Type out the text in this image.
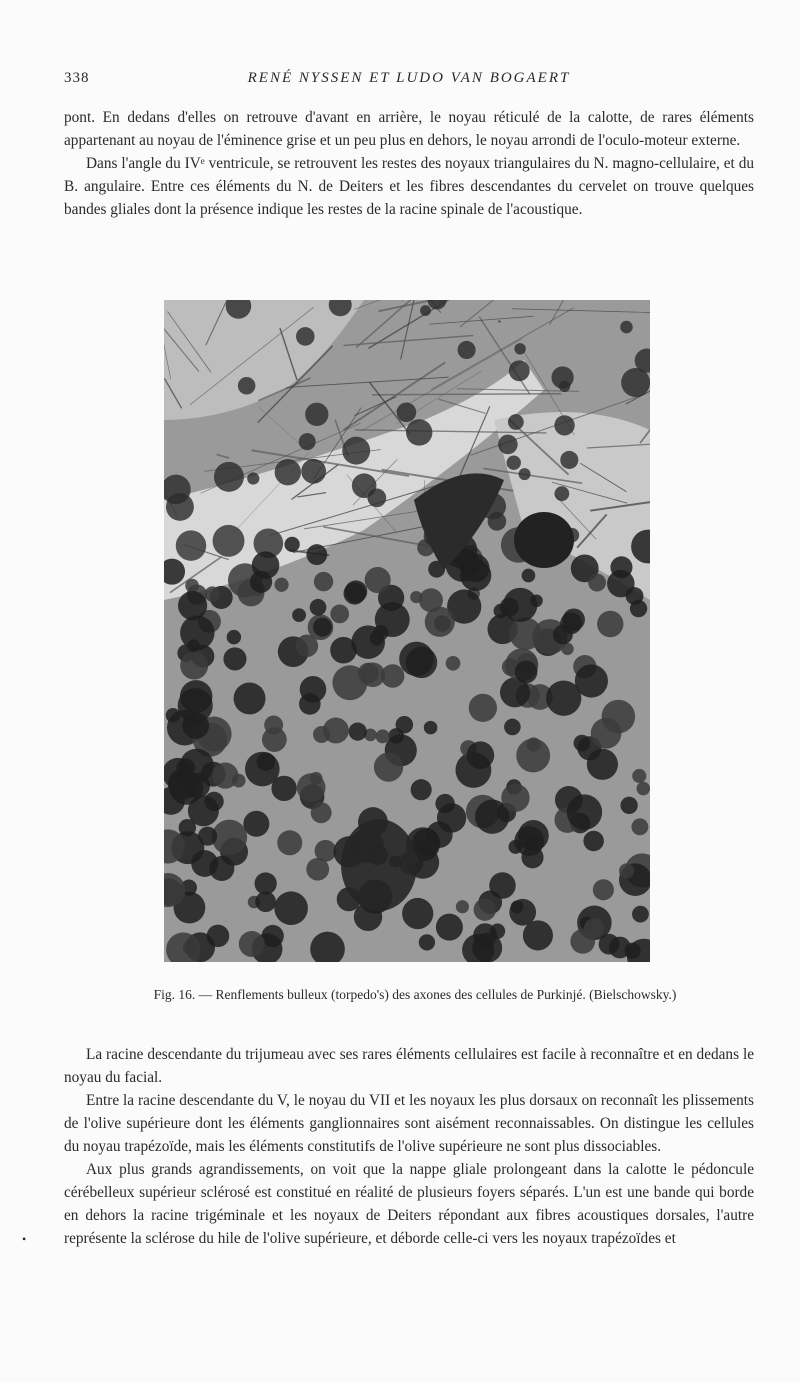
338	RENÉ NYSSEN ET LUDO VAN BOGAERT

pont. En dedans d'elles on retrouve d'avant en arrière, le noyau réticulé de la calotte, de rares éléments appartenant au noyau de l'éminence grise et un peu plus en dehors, le noyau arrondi de l'oculo-moteur externe.

Dans l'angle du IVᵉ ventricule, se retrouvent les restes des noyaux triangulaires du N. magno-cellulaire, et du B. angulaire. Entre ces éléments du N. de Deiters et les fibres descendantes du cervelet on trouve quelques bandes gliales dont la présence indique les restes de la racine spinale de l'acoustique.

Fig. 16. — Renflements bulleux (torpedo's) des axones des cellules de Purkinjé. (Bielschowsky.)

La racine descendante du trijumeau avec ses rares éléments cellulaires est facile à reconnaître et en dedans le noyau du facial.

Entre la racine descendante du V, le noyau du VII et les noyaux les plus dorsaux on reconnaît les plissements de l'olive supérieure dont les éléments ganglionnaires sont aisément reconnaissables. On distingue les cellules du noyau trapézoïde, mais les éléments constitutifs de l'olive supérieure ne sont plus dissociables.

Aux plus grands agrandissements, on voit que la nappe gliale prolongeant dans la calotte le pédoncule cérébelleux supérieur sclérosé est constitué en réalité de plusieurs foyers séparés. L'un est une bande qui borde en dehors la racine trigéminale et les noyaux de Deiters répondant aux fibres acoustiques dorsales, l'autre représente la sclérose du hile de l'olive supérieure, et déborde celle-ci vers les noyaux trapézoïdes et

•
